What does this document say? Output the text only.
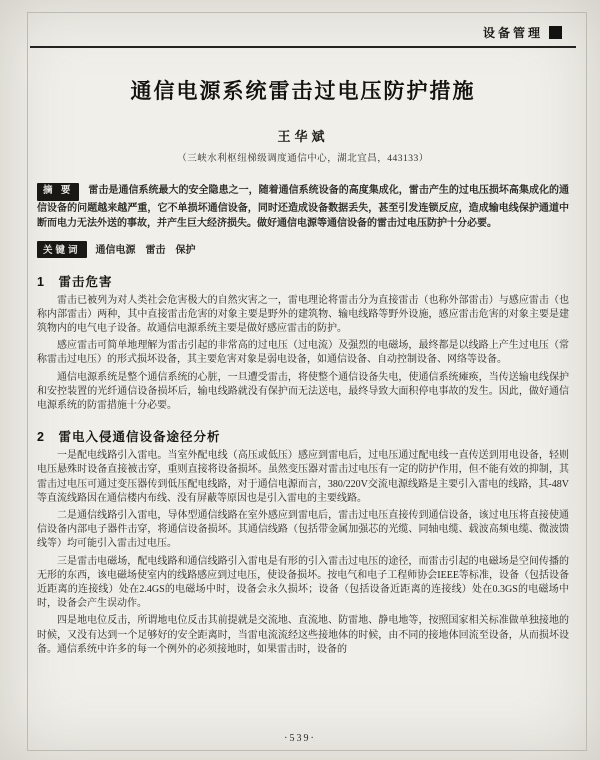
设备管理
通信电源系统雷击过电压防护措施
王华斌
（三峡水利枢纽梯级调度通信中心，湖北宜昌，443133）

摘 要 雷击是通信系统最大的安全隐患之一，随着通信系统设备的高度集成化，雷击产生的过电压损坏高集成化的通信设备的问题越来越严重，它不单损坏通信设备，同时还造成设备数据丢失，甚至引发连锁反应，造成输电线保护通道中断而电力无法外送的事故，并产生巨大经济损失。做好通信电源等通信设备的雷击过电压防护十分必要。

关键词 通信电源　雷击　保护

1　雷击危害

雷击已被列为对人类社会危害极大的自然灾害之一，雷电理论将雷击分为直接雷击（也称外部雷击）与感应雷击（也称内部雷击）两种，其中直接雷击危害的对象主要是野外的建筑物、输电线路等野外设施，感应雷击危害的对象主要是建筑物内的电气电子设备。故通信电源系统主要是做好感应雷击的防护。

感应雷击可简单地理解为雷击引起的非常高的过电压（过电流）及强烈的电磁场，最终都是以线路上产生过电压（常称雷击过电压）的形式损坏设备，其主要危害对象是弱电设备，如通信设备、自动控制设备、网络等设备。

通信电源系统是整个通信系统的心脏，一旦遭受雷击，将使整个通信设备失电，使通信系统瘫痪，当传送输电线保护和安控装置的光纤通信设备损坏后，输电线路就没有保护而无法送电，最终导致大面积停电事故的发生。因此，做好通信电源系统的防雷措施十分必要。

2　雷电入侵通信设备途径分析

一是配电线路引入雷电。当室外配电线（高压或低压）感应到雷电后，过电压通过配电线一直传送到用电设备，轻则电压悬殊时设备直接被击穿，重则直接将设备损坏。虽然变压器对雷击过电压有一定的防护作用，但不能有效的抑制，其雷击过电压可通过变压器传到低压配电线路，对于通信电源而言，380/220V交流电源线路是主要引入雷电的线路，其-48V等直流线路因在通信楼内布线、没有屏蔽等原因也是引入雷电的主要线路。

二是通信线路引入雷电，导体型通信线路在室外感应到雷电后，雷击过电压直接传到通信设备，该过电压将直接使通信设备内部电子器件击穿，将通信设备损坏。其通信线路（包括带金属加强芯的光缆、同轴电缆、载波高频电缆、微波馈线等）均可能引入雷击过电压。

三是雷击电磁场，配电线路和通信线路引入雷电是有形的引入雷击过电压的途径，而雷击引起的电磁场是空间传播的无形的东西，该电磁场使室内的线路感应到过电压，使设备损坏。按电气和电子工程师协会IEEE等标准，设备（包括设备近距离的连接线）处在2.4GS的电磁场中时，设备会永久损坏；设备（包括设备近距离的连接线）处在0.3GS的电磁场中时，设备会产生误动作。

四是地电位反击，所谓地电位反击其前提就是交流地、直流地、防雷地、静电地等，按照国家相关标准做单独接地的时候，又没有达到一个足够好的安全距离时，当雷电流流经这些接地体的时候，由不同的接地体回流至设备，从而损坏设备。通信系统中许多的每一个例外的必须接地时，如果雷击时，设备的

·539·
